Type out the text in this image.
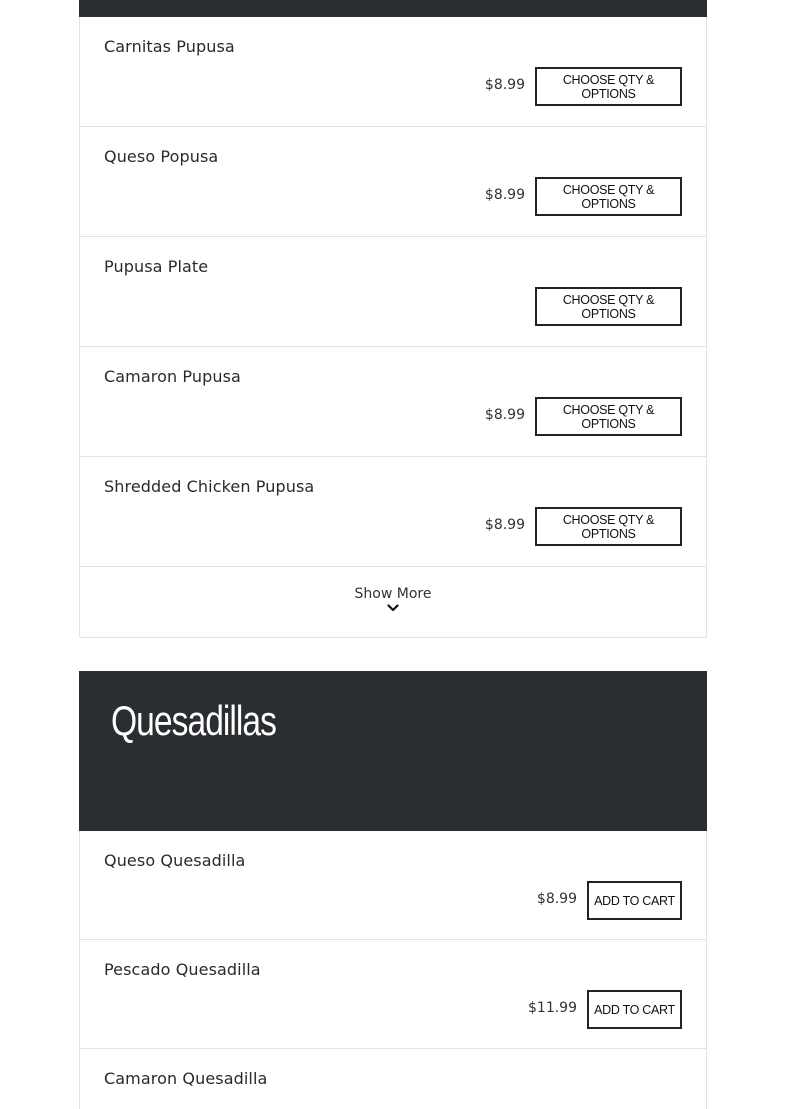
Carnitas Pupusa
$8.99	CHOOSE QTY & OPTIONS
Queso Popusa
$8.99	CHOOSE QTY & OPTIONS
Pupusa Plate
CHOOSE QTY & OPTIONS
Camaron Pupusa
$8.99	CHOOSE QTY & OPTIONS
Shredded Chicken Pupusa
$8.99	CHOOSE QTY & OPTIONS
Show More
Quesadillas
Queso Quesadilla
$8.99	ADD TO CART
Pescado Quesadilla
$11.99	ADD TO CART
Camaron Quesadilla
